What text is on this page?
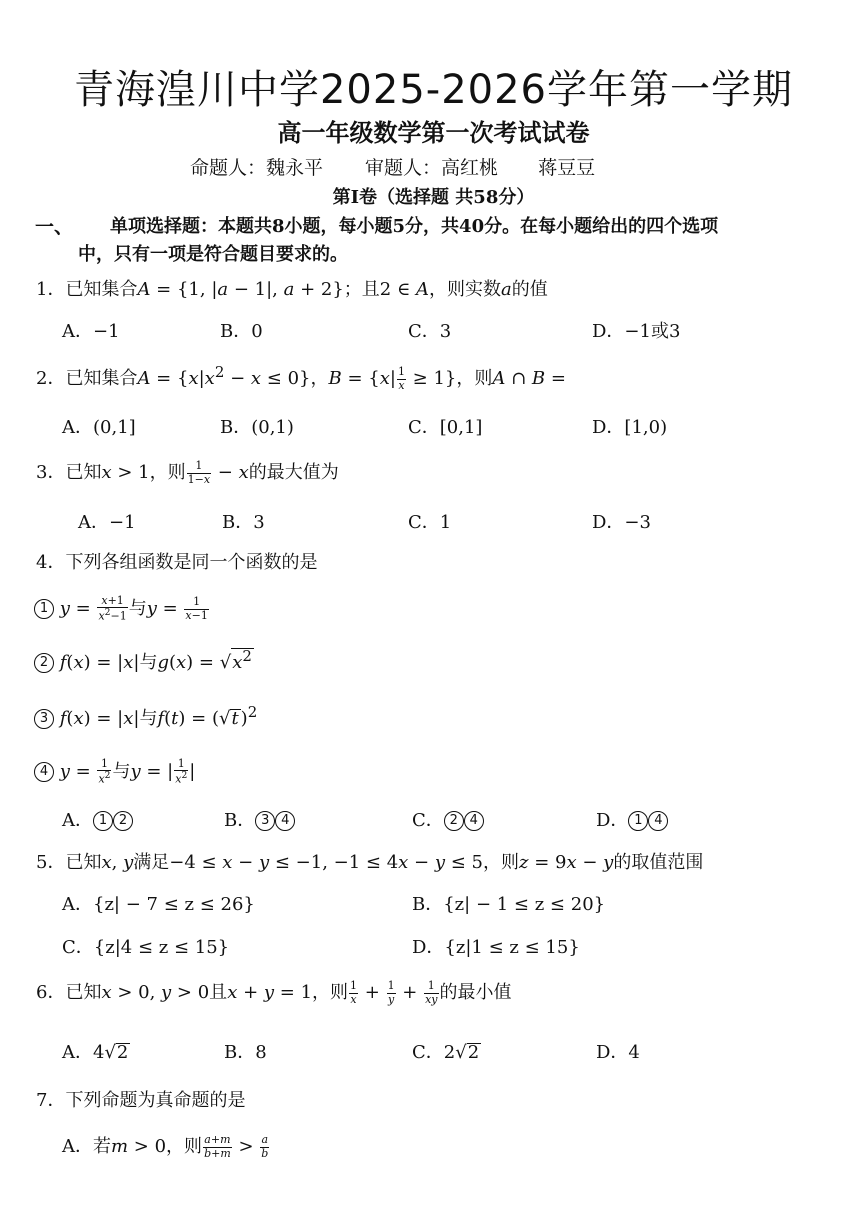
青海湟川中学2025-2026学年第一学期
高一年级数学第一次考试试卷
命题人：魏永平 审题人：高红桃 蒋豆豆
第Ⅰ卷（选择题 共58分）
一、 单项选择题：本题共8小题，每小题5分，共40分。在每小题给出的四个选项
中，只有一项是符合题目要求的。
1．已知集合A = {1, |a − 1|, a + 2}；且2 ∈ A，则实数a的值
A．−1	B．0	C．3	D．−1或3
2．已知集合$A = \{x|x^2 - x \le 0\}$，$B = \{x| \frac{1}{x} \ge 1\}$，则A ∩ B =
A．(0,1]	B．(0,1)	C．[0,1]	D．[1,0)
3．已知x > 1，则 $\frac{1}{1-x} - x$的最大值为
A．−1	B．3	C．1	D．−3
4．下列各组函数是同一个函数的是
1 $y = \frac{x+1}{x^2-1}$ 与$y = \frac{1}{x-1}$
2 f(x) = |x|与$g(x) = √x^2$
3 f(x) = |x|与f(t) = (√t )$^2$
4 $y = \frac{1}{x^2}$ 与y = | $\frac{1}{x^2}$ |
A． 1 2	B． 3 4	C． 2 4	D． 1 4
5．已知x, y满足−4 ≤ x − y ≤ −1, −1 ≤ 4x − y ≤ 5，则z = 9x − y的取值范围
A．{z| − 7 ≤ z ≤ 26}	B．{z| − 1 ≤ z ≤ 20}
C．{z|4 ≤ z ≤ 15}	D．{z|1 ≤ z ≤ 15}
6．已知x > 0, y > 0且x + y = 1，则 $\frac{1}{x} + \frac{1}{y} + \frac{1}{xy}$ 的最小值
A．4√2	B．8	C．2√2	D．4
7．下列命题为真命题的是
A．若m > 0，则 $\frac{a+m}{b+m} > \frac{a}{b}$
